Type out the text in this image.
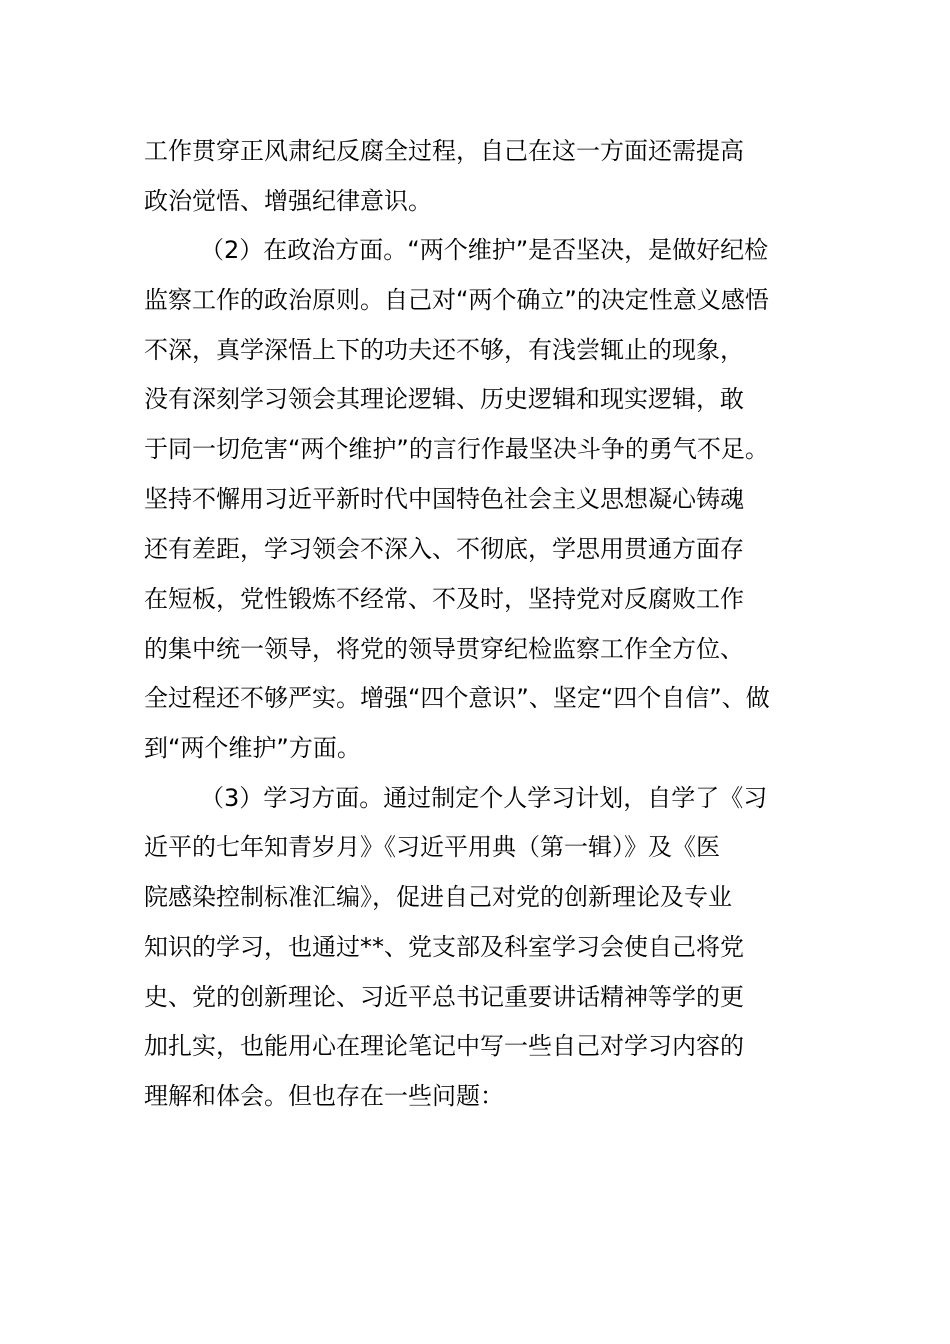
工作贯穿正风肃纪反腐全过程，自己在这一方面还需提高
政治觉悟、增强纪律意识。
（2）在政治方面。“两个维护”是否坚决，是做好纪检
监察工作的政治原则。自己对“两个确立”的决定性意义感悟
不深，真学深悟上下的功夫还不够，有浅尝辄止的现象，
没有深刻学习领会其理论逻辑、历史逻辑和现实逻辑，敢
于同一切危害“两个维护”的言行作最坚决斗争的勇气不足。
坚持不懈用习近平新时代中国特色社会主义思想凝心铸魂
还有差距，学习领会不深入、不彻底，学思用贯通方面存
在短板，党性锻炼不经常、不及时，坚持党对反腐败工作
的集中统一领导，将党的领导贯穿纪检监察工作全方位、
全过程还不够严实。增强“四个意识”、坚定“四个自信”、做
到“两个维护”方面。
（3）学习方面。通过制定个人学习计划，自学了《习
近平的七年知青岁月》《习近平用典（第一辑）》及《医
院感染控制标准汇编》，促进自己对党的创新理论及专业
知识的学习，也通过**、党支部及科室学习会使自己将党
史、党的创新理论、习近平总书记重要讲话精神等学的更
加扎实，也能用心在理论笔记中写一些自己对学习内容的
理解和体会。但也存在一些问题：
